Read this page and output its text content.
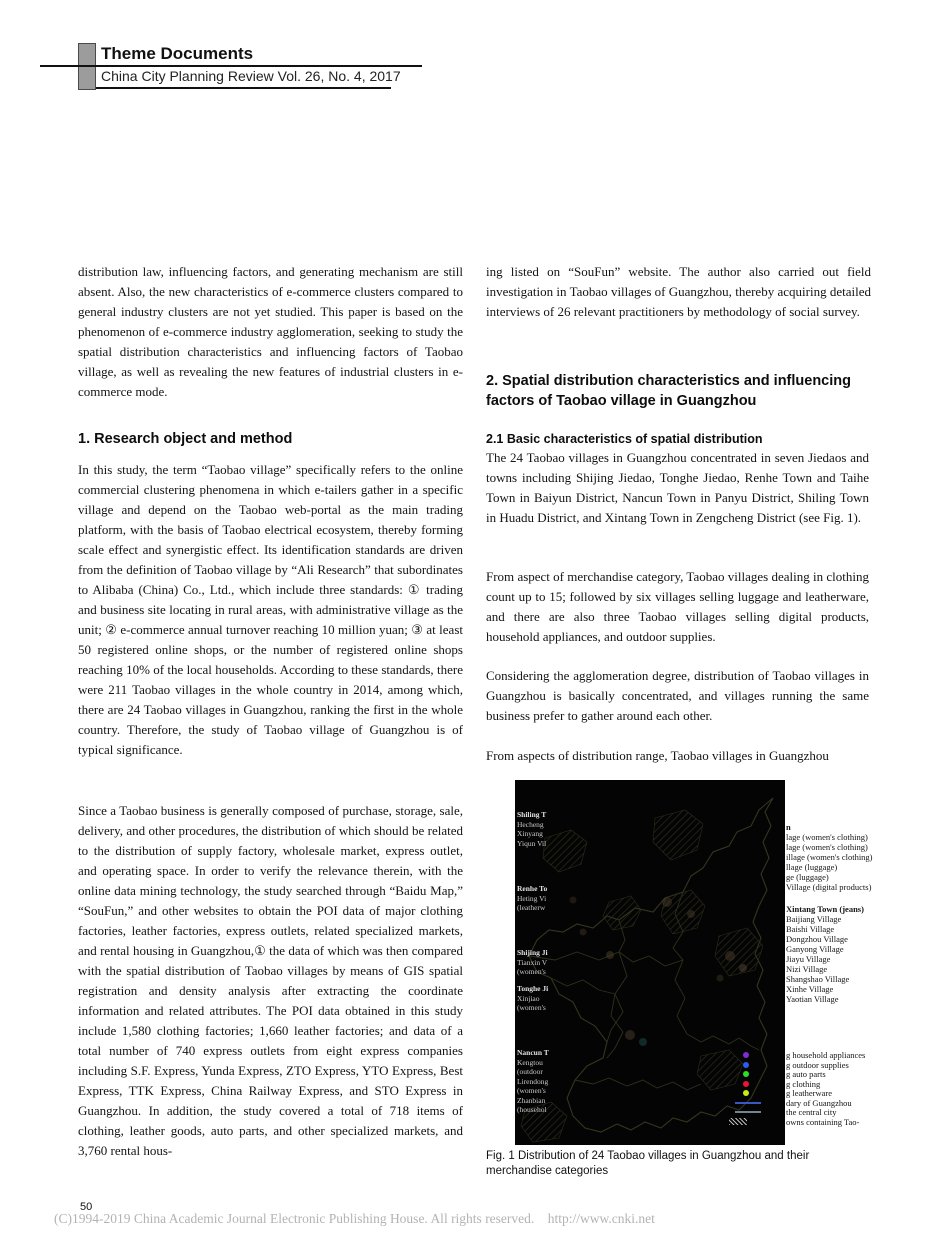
Theme Documents
China City Planning Review Vol. 26, No. 4, 2017

distribution law, influencing factors, and generating mechanism are still absent. Also, the new characteristics of e-commerce clusters compared to general industry clusters are not yet studied. This paper is based on the phenomenon of e-commerce industry agglomeration, seeking to study the spatial distribution characteristics and influencing factors of Taobao village, as well as revealing the new features of industrial clusters in e-commerce mode.

1. Research object and method

In this study, the term “Taobao village” specifically refers to the online commercial clustering phenomena in which e-tailers gather in a specific village and depend on the Taobao web-portal as the main trading platform, with the basis of Taobao electrical ecosystem, thereby forming scale effect and synergistic effect. Its identification standards are driven from the definition of Taobao village by “Ali Research” that subordinates to Alibaba (China) Co., Ltd., which include three standards: ① trading and business site locating in rural areas, with administrative village as the unit; ② e-commerce annual turnover reaching 10 million yuan; ③ at least 50 registered online shops, or the number of registered online shops reaching 10% of the local households. According to these standards, there were 211 Taobao villages in the whole country in 2014, among which, there are 24 Taobao villages in Guangzhou, ranking the first in the whole country. Therefore, the study of Taobao village of Guangzhou is of typical significance.

Since a Taobao business is generally composed of purchase, storage, sale, delivery, and other procedures, the distribution of which should be related to the distribution of supply factory, wholesale market, express outlet, and operating space. In order to verify the relevance therein, with the online data mining technology, the study searched through “Baidu Map,” “SouFun,” and other websites to obtain the POI data of major clothing factories, leather factories, express outlets, related specialized markets, and rental housing in Guangzhou,① the data of which was then compared with the spatial distribution of Taobao villages by means of GIS spatial registration and density analysis after extracting the coordinate information and related attributes. The POI data obtained in this study include 1,580 clothing factories; 1,660 leather factories; and data of a total number of 740 express outlets from eight express companies including S.F. Express, Yunda Express, ZTO Express, YTO Express, Best Express, TTK Express, China Railway Express, and STO Express in Guangzhou. In addition, the study covered a total of 718 items of clothing, leather goods, auto parts, and other specialized markets, and 3,760 rental hous-

ing listed on “SouFun” website. The author also carried out field investigation in Taobao villages of Guangzhou, thereby acquiring detailed interviews of 26 relevant practitioners by methodology of social survey.

2. Spatial distribution characteristics and influencing factors of Taobao village in Guangzhou
2.1 Basic characteristics of spatial distribution

The 24 Taobao villages in Guangzhou concentrated in seven Jiedaos and towns including Shijing Jiedao, Tonghe Jiedao, Renhe Town and Taihe Town in Baiyun District, Nancun Town in Panyu District, Shiling Town in Huadu District, and Xintang Town in Zengcheng District (see Fig. 1).

From aspect of merchandise category, Taobao villages dealing in clothing count up to 15; followed by six villages selling luggage and leatherware, and there are also three Taobao villages selling digital products, household appliances, and outdoor supplies.

Considering the agglomeration degree, distribution of Taobao villages in Guangzhou is basically concentrated, and villages running the same business prefer to gather around each other.

From aspects of distribution range, Taobao villages in Guangzhou

Shiling T
Hecheng
Xinyang
Yiqun Vil
Renhe To
Heting Vi
(leatherw
Shijing Ji
Tianxin V
(women's
Tonghe Ji
Xinjiao
(women's
Nancun T
Kengtou
(outdoor
Lirendong
(women's
Zhanbian
(househol
n
lage (women's clothing)
lage (women's clothing)
illage (women's clothing)
llage (luggage)
ge (luggage)
Village (digital products)
Xintang Town (jeans)
Baijiang Village
Baishi Village
Dongzhou Village
Ganyong Village
Jiayu Village
Nizi Village
Shangshao Village
Xinhe Village
Yaotian Village
g household appliances
g outdoor supplies
g auto parts
g clothing
g leatherware
dary of Guangzhou
the central city
owns containing Tao-
Fig. 1 Distribution of 24 Taobao villages in Guangzhou and their merchandise categories
50
(C)1994-2019 China Academic Journal Electronic Publishing House. All rights reserved. http://www.cnki.net
